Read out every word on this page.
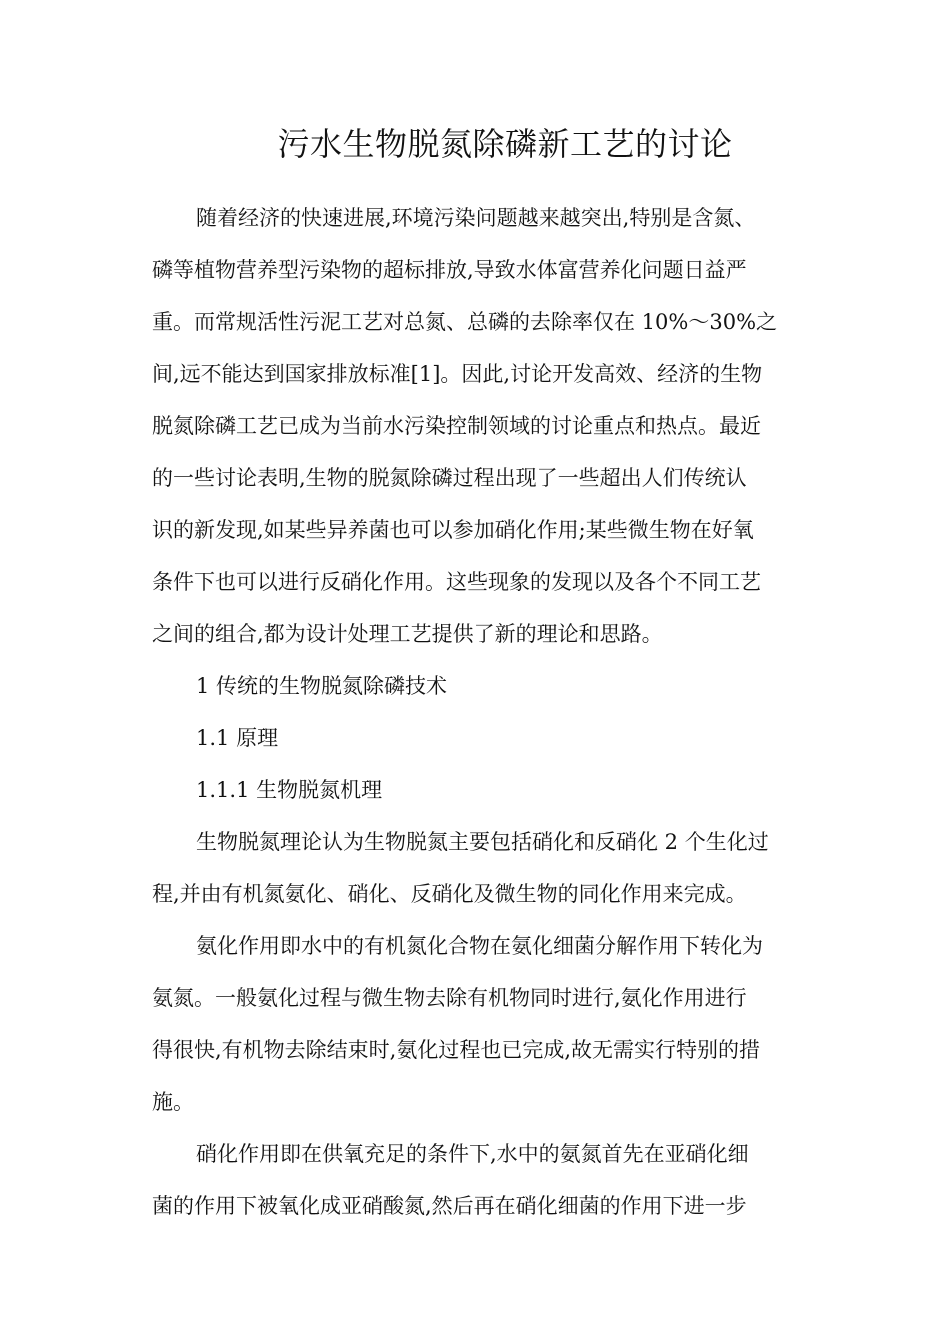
污水生物脱氮除磷新工艺的讨论
随着经济的快速进展,环境污染问题越来越突出,特别是含氮、
磷等植物营养型污染物的超标排放,导致水体富营养化问题日益严
重。而常规活性污泥工艺对总氮、总磷的去除率仅在 10%～30%之
间,远不能达到国家排放标准[1]。因此,讨论开发高效、经济的生物
脱氮除磷工艺已成为当前水污染控制领域的讨论重点和热点。最近
的一些讨论表明,生物的脱氮除磷过程出现了一些超出人们传统认
识的新发现,如某些异养菌也可以参加硝化作用;某些微生物在好氧
条件下也可以进行反硝化作用。这些现象的发现以及各个不同工艺
之间的组合,都为设计处理工艺提供了新的理论和思路。
1 传统的生物脱氮除磷技术
1.1 原理
1.1.1 生物脱氮机理
生物脱氮理论认为生物脱氮主要包括硝化和反硝化 2 个生化过
程,并由有机氮氨化、硝化、反硝化及微生物的同化作用来完成。
氨化作用即水中的有机氮化合物在氨化细菌分解作用下转化为
氨氮。一般氨化过程与微生物去除有机物同时进行,氨化作用进行
得很快,有机物去除结束时,氨化过程也已完成,故无需实行特别的措
施。
硝化作用即在供氧充足的条件下,水中的氨氮首先在亚硝化细
菌的作用下被氧化成亚硝酸氮,然后再在硝化细菌的作用下进一步
